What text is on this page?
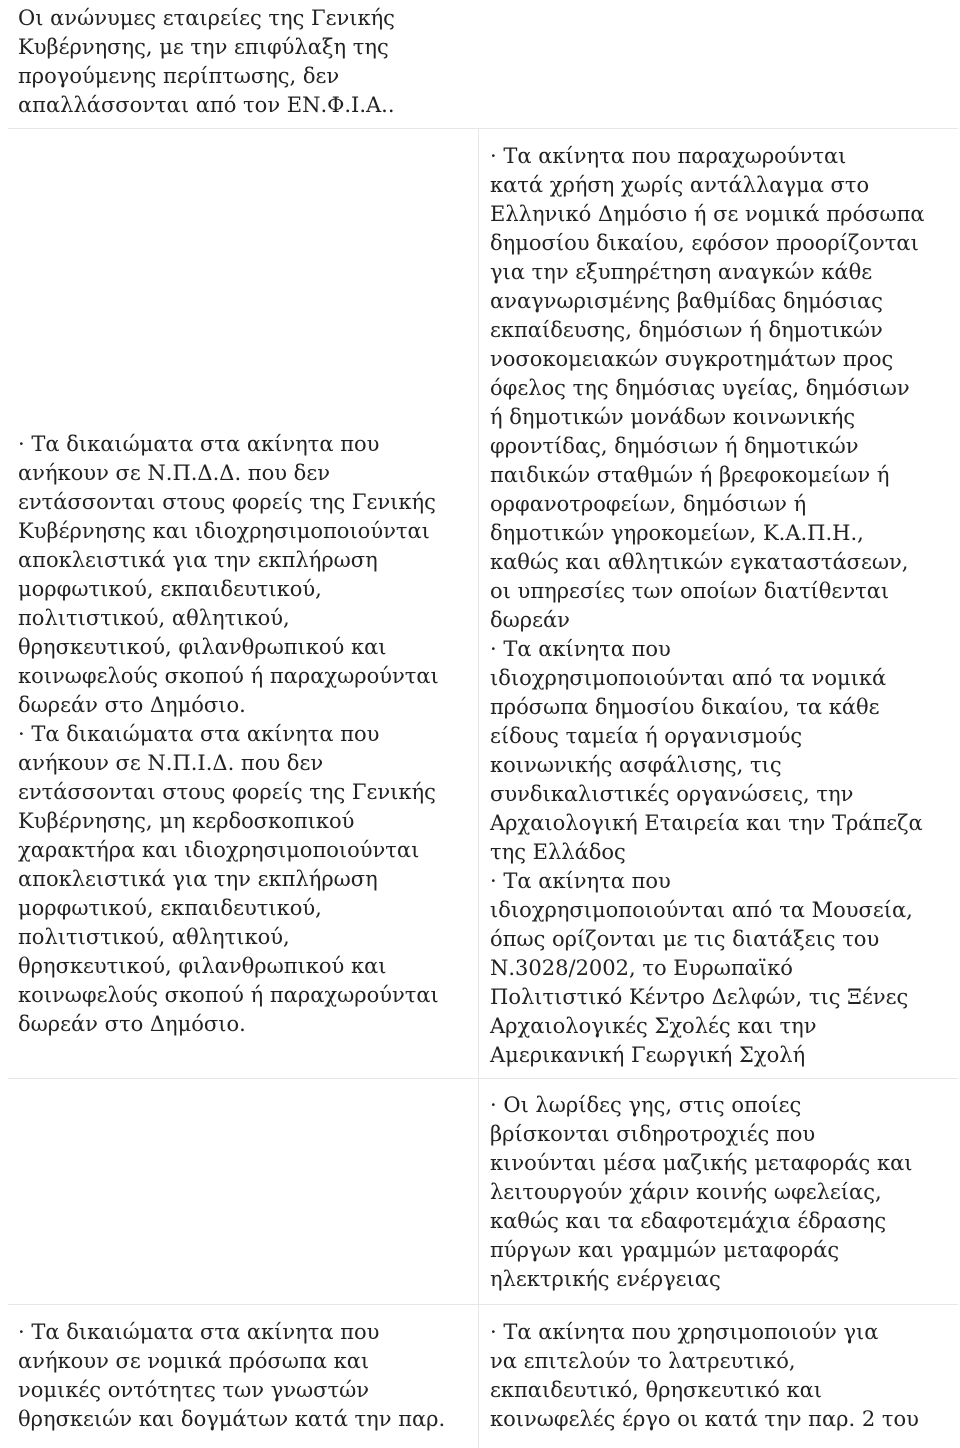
Οι ανώνυμες εταιρείες της Γενικής
Κυβέρνησης, με την επιφύλαξη της
προγούμενης περίπτωσης, δεν
απαλλάσσονται από τον ΕΝ.Φ.Ι.Α..

· Τα δικαιώματα στα ακίνητα που
ανήκουν σε Ν.Π.Δ.Δ. που δεν
εντάσσονται στους φορείς της Γενικής
Κυβέρνησης και ιδιοχρησιμοποιούνται
αποκλειστικά για την εκπλήρωση
μορφωτικού, εκπαιδευτικού,
πολιτιστικού, αθλητικού,
θρησκευτικού, φιλανθρωπικού και
κοινωφελούς σκοπού ή παραχωρούνται
δωρεάν στο Δημόσιο.
· Τα δικαιώματα στα ακίνητα που
ανήκουν σε Ν.Π.Ι.Δ. που δεν
εντάσσονται στους φορείς της Γενικής
Κυβέρνησης, μη κερδοσκοπικού
χαρακτήρα και ιδιοχρησιμοποιούνται
αποκλειστικά για την εκπλήρωση
μορφωτικού, εκπαιδευτικού,
πολιτιστικού, αθλητικού,
θρησκευτικού, φιλανθρωπικού και
κοινωφελούς σκοπού ή παραχωρούνται
δωρεάν στο Δημόσιο.

· Τα ακίνητα που παραχωρούνται
κατά χρήση χωρίς αντάλλαγμα στο
Ελληνικό Δημόσιο ή σε νομικά πρόσωπα
δημοσίου δικαίου, εφόσον προορίζονται
για την εξυπηρέτηση αναγκών κάθε
αναγνωρισμένης βαθμίδας δημόσιας
εκπαίδευσης, δημόσιων ή δημοτικών
νοσοκομειακών συγκροτημάτων προς
όφελος της δημόσιας υγείας, δημόσιων
ή δημοτικών μονάδων κοινωνικής
φροντίδας, δημόσιων ή δημοτικών
παιδικών σταθμών ή βρεφοκομείων ή
ορφανοτροφείων, δημόσιων ή
δημοτικών γηροκομείων, Κ.Α.Π.Η.,
καθώς και αθλητικών εγκαταστάσεων,
οι υπηρεσίες των οποίων διατίθενται
δωρεάν
· Τα ακίνητα που
ιδιοχρησιμοποιούνται από τα νομικά
πρόσωπα δημοσίου δικαίου, τα κάθε
είδους ταμεία ή οργανισμούς
κοινωνικής ασφάλισης, τις
συνδικαλιστικές οργανώσεις, την
Αρχαιολογική Εταιρεία και την Τράπεζα
της Ελλάδος
· Τα ακίνητα που
ιδιοχρησιμοποιούνται από τα Μουσεία,
όπως ορίζονται με τις διατάξεις του
Ν.3028/2002, το Ευρωπαϊκό
Πολιτιστικό Κέντρο Δελφών, τις Ξένες
Αρχαιολογικές Σχολές και την
Αμερικανική Γεωργική Σχολή

· Οι λωρίδες γης, στις οποίες
βρίσκονται σιδηροτροχιές που
κινούνται μέσα μαζικής μεταφοράς και
λειτουργούν χάριν κοινής ωφελείας,
καθώς και τα εδαφοτεμάχια έδρασης
πύργων και γραμμών μεταφοράς
ηλεκτρικής ενέργειας

· Τα δικαιώματα στα ακίνητα που
ανήκουν σε νομικά πρόσωπα και
νομικές οντότητες των γνωστών
θρησκειών και δογμάτων κατά την παρ.

· Τα ακίνητα που χρησιμοποιούν για
να επιτελούν το λατρευτικό,
εκπαιδευτικό, θρησκευτικό και
κοινωφελές έργο οι κατά την παρ. 2 του
